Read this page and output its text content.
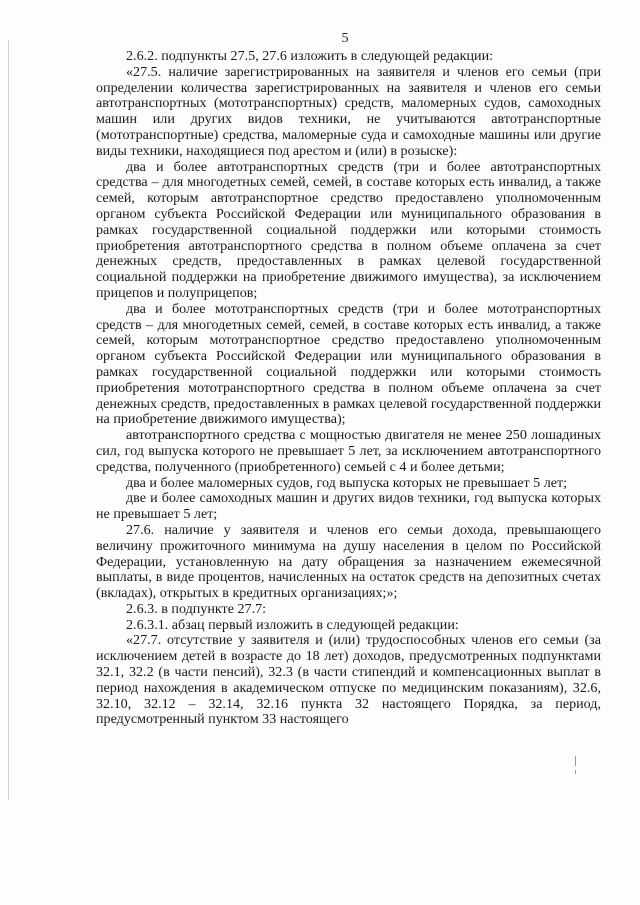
5

2.6.2. подпункты 27.5, 27.6 изложить в следующей редакции:

«27.5. наличие зарегистрированных на заявителя и членов его семьи (при определении количества зарегистрированных на заявителя и членов его семьи автотранспортных (мототранспортных) средств, маломерных судов, самоходных машин или других видов техники, не учитываются автотранспортные (мототранспортные) средства, маломерные суда и самоходные машины или другие виды техники, находящиеся под арестом и (или) в розыске):

два и более автотранспортных средств (три и более автотранспортных средства – для многодетных семей, семей, в составе которых есть инвалид, а также семей, которым автотранспортное средство предоставлено уполномоченным органом субъекта Российской Федерации или муниципального образования в рамках государственной социальной поддержки или которыми стоимость приобретения автотранспортного средства в полном объеме оплачена за счет денежных средств, предоставленных в рамках целевой государственной социальной поддержки на приобретение движимого имущества), за исключением прицепов и полуприцепов;

два и более мототранспортных средств (три и более мототранспортных средств – для многодетных семей, семей, в составе которых есть инвалид, а также семей, которым мототранспортное средство предоставлено уполномоченным органом субъекта Российской Федерации или муниципального образования в рамках государственной социальной поддержки или которыми стоимость приобретения мототранспортного средства в полном объеме оплачена за счет денежных средств, предоставленных в рамках целевой государственной поддержки на приобретение движимого имущества);

автотранспортного средства с мощностью двигателя не менее 250 лошадиных сил, год выпуска которого не превышает 5 лет, за исключением автотранспортного средства, полученного (приобретенного) семьей с 4 и более детьми;

два и более маломерных судов, год выпуска которых не превышает 5 лет;

две и более самоходных машин и других видов техники, год выпуска которых не превышает 5 лет;

27.6. наличие у заявителя и членов его семьи дохода, превышающего величину прожиточного минимума на душу населения в целом по Российской Федерации, установленную на дату обращения за назначением ежемесячной выплаты, в виде процентов, начисленных на остаток средств на депозитных счетах (вкладах), открытых в кредитных организациях;»;

2.6.3. в подпункте 27.7:

2.6.3.1. абзац первый изложить в следующей редакции:

«27.7. отсутствие у заявителя и (или) трудоспособных членов его семьи (за исключением детей в возрасте до 18 лет) доходов, предусмотренных подпунктами 32.1, 32.2 (в части пенсий), 32.3 (в части стипендий и компенсационных выплат в период нахождения в академическом отпуске по медицинским показаниям), 32.6, 32.10, 32.12 – 32.14, 32.16 пункта 32 настоящего Порядка, за период, предусмотренный пунктом 33 настоящего
